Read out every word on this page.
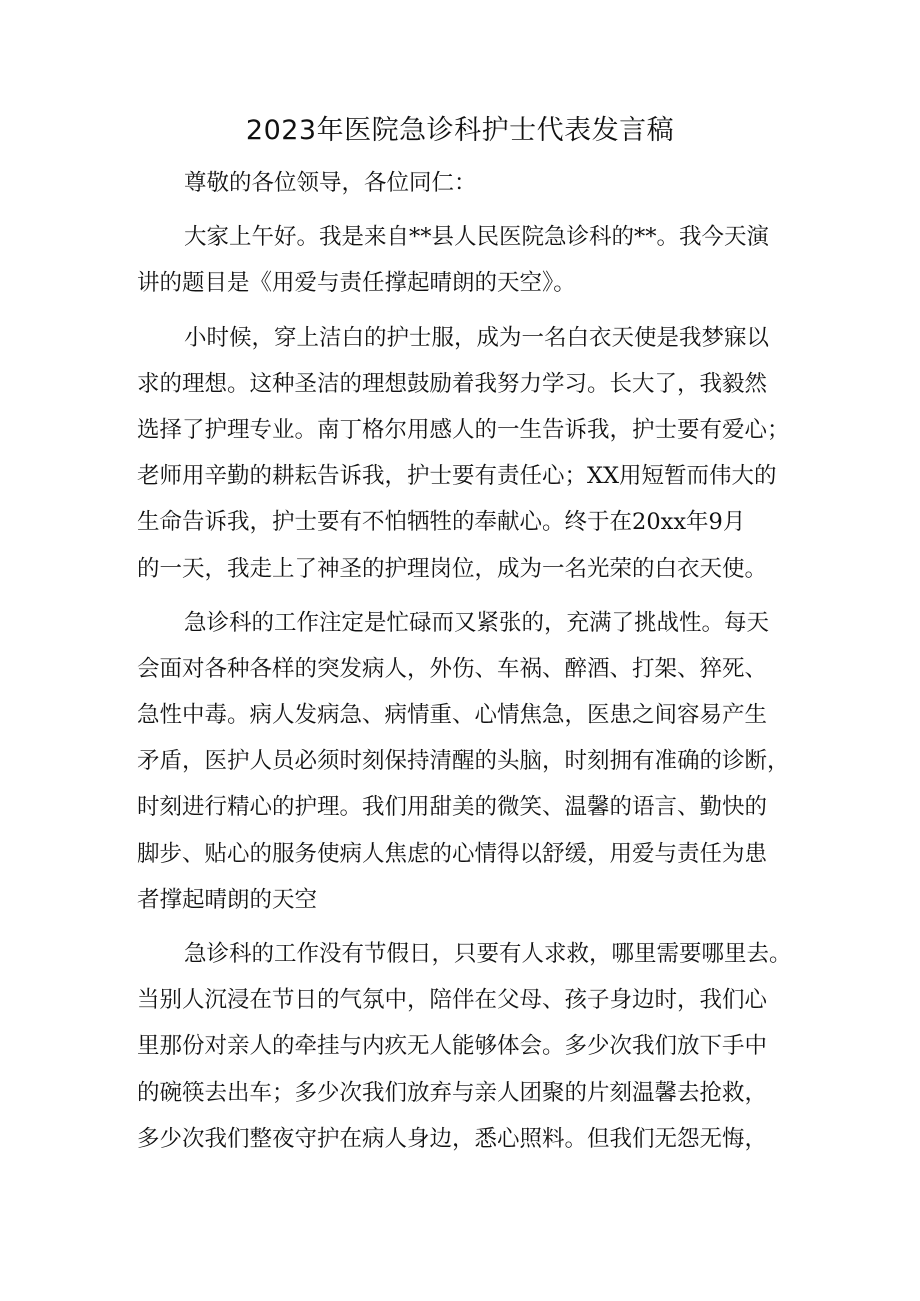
2023年医院急诊科护士代表发言稿
尊敬的各位领导，各位同仁：
大家上午好。我是来自**县人民医院急诊科的**。我今天演
讲的题目是《用爱与责任撑起晴朗的天空》。
小时候，穿上洁白的护士服，成为一名白衣天使是我梦寐以
求的理想。这种圣洁的理想鼓励着我努力学习。长大了，我毅然
选择了护理专业。南丁格尔用感人的一生告诉我，护士要有爱心；
老师用辛勤的耕耘告诉我，护士要有责任心；XX用短暂而伟大的
生命告诉我，护士要有不怕牺牲的奉献心。终于在20xx年9月
的一天，我走上了神圣的护理岗位，成为一名光荣的白衣天使。
急诊科的工作注定是忙碌而又紧张的，充满了挑战性。每天
会面对各种各样的突发病人，外伤、车祸、醉酒、打架、猝死、
急性中毒。病人发病急、病情重、心情焦急，医患之间容易产生
矛盾，医护人员必须时刻保持清醒的头脑，时刻拥有准确的诊断，
时刻进行精心的护理。我们用甜美的微笑、温馨的语言、勤快的
脚步、贴心的服务使病人焦虑的心情得以舒缓，用爱与责任为患
者撑起晴朗的天空
急诊科的工作没有节假日，只要有人求救，哪里需要哪里去。
当别人沉浸在节日的气氛中，陪伴在父母、孩子身边时，我们心
里那份对亲人的牵挂与内疚无人能够体会。多少次我们放下手中
的碗筷去出车；多少次我们放弃与亲人团聚的片刻温馨去抢救，
多少次我们整夜守护在病人身边，悉心照料。但我们无怨无悔，
